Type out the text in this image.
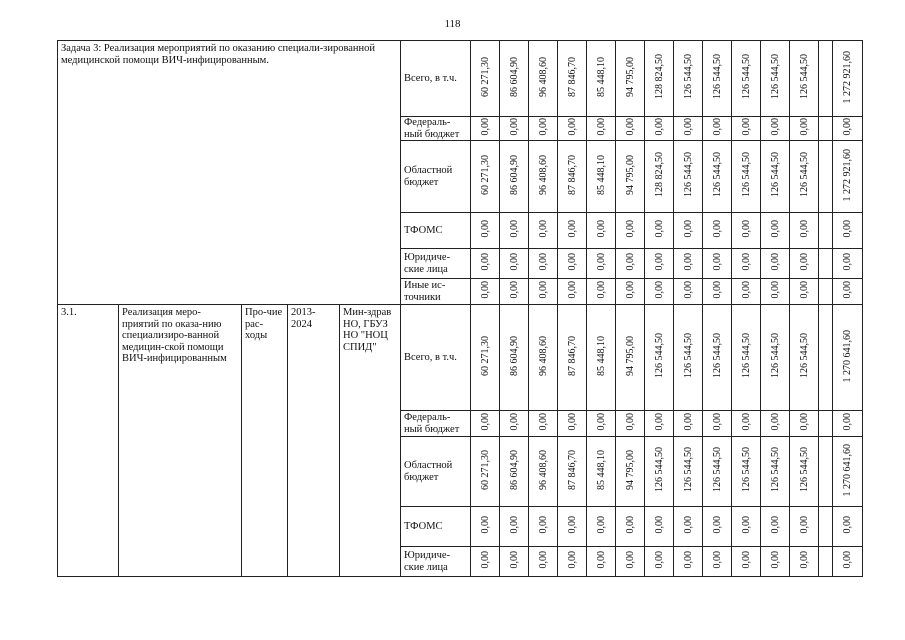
118
Задача 3: Реализация мероприятий по оказанию специали-зированной медицинской помощи ВИЧ-инфицированным.					Всего, в т.ч.	60 271,30	86 604,90	96 408,60	87 846,70	85 448,10	94 795,00	128 824,50	126 544,50	126 544,50	126 544,50	126 544,50	126 544,50		1 272 921,60
					Федераль-ный бюджет	0,00	0,00	0,00	0,00	0,00	0,00	0,00	0,00	0,00	0,00	0,00	0,00		0,00
					Областной бюджет	60 271,30	86 604,90	96 408,60	87 846,70	85 448,10	94 795,00	128 824,50	126 544,50	126 544,50	126 544,50	126 544,50	126 544,50		1 272 921,60
					ТФОМС	0,00	0,00	0,00	0,00	0,00	0,00	0,00	0,00	0,00	0,00	0,00	0,00		0,00
					Юридиче-ские лица	0,00	0,00	0,00	0,00	0,00	0,00	0,00	0,00	0,00	0,00	0,00	0,00		0,00
					Иные ис-точники	0,00	0,00	0,00	0,00	0,00	0,00	0,00	0,00	0,00	0,00	0,00	0,00		0,00
3.1.	Реализация меро-приятий по оказа-нию специализиро-ванной медицин-ской помощи ВИЧ-инфицированным	Про-чие рас-ходы	2013-2024	Мин-здрав НО, ГБУЗ НО "НОЦ СПИД"	Всего, в т.ч.	60 271,30	86 604,90	96 408,60	87 846,70	85 448,10	94 795,00	126 544,50	126 544,50	126 544,50	126 544,50	126 544,50	126 544,50		1 270 641,60
					Федераль-ный бюджет	0,00	0,00	0,00	0,00	0,00	0,00	0,00	0,00	0,00	0,00	0,00	0,00		0,00
					Областной бюджет	60 271,30	86 604,90	96 408,60	87 846,70	85 448,10	94 795,00	126 544,50	126 544,50	126 544,50	126 544,50	126 544,50	126 544,50		1 270 641,60
					ТФОМС	0,00	0,00	0,00	0,00	0,00	0,00	0,00	0,00	0,00	0,00	0,00	0,00		0,00
					Юридиче-ские лица	0,00	0,00	0,00	0,00	0,00	0,00	0,00	0,00	0,00	0,00	0,00	0,00		0,00
